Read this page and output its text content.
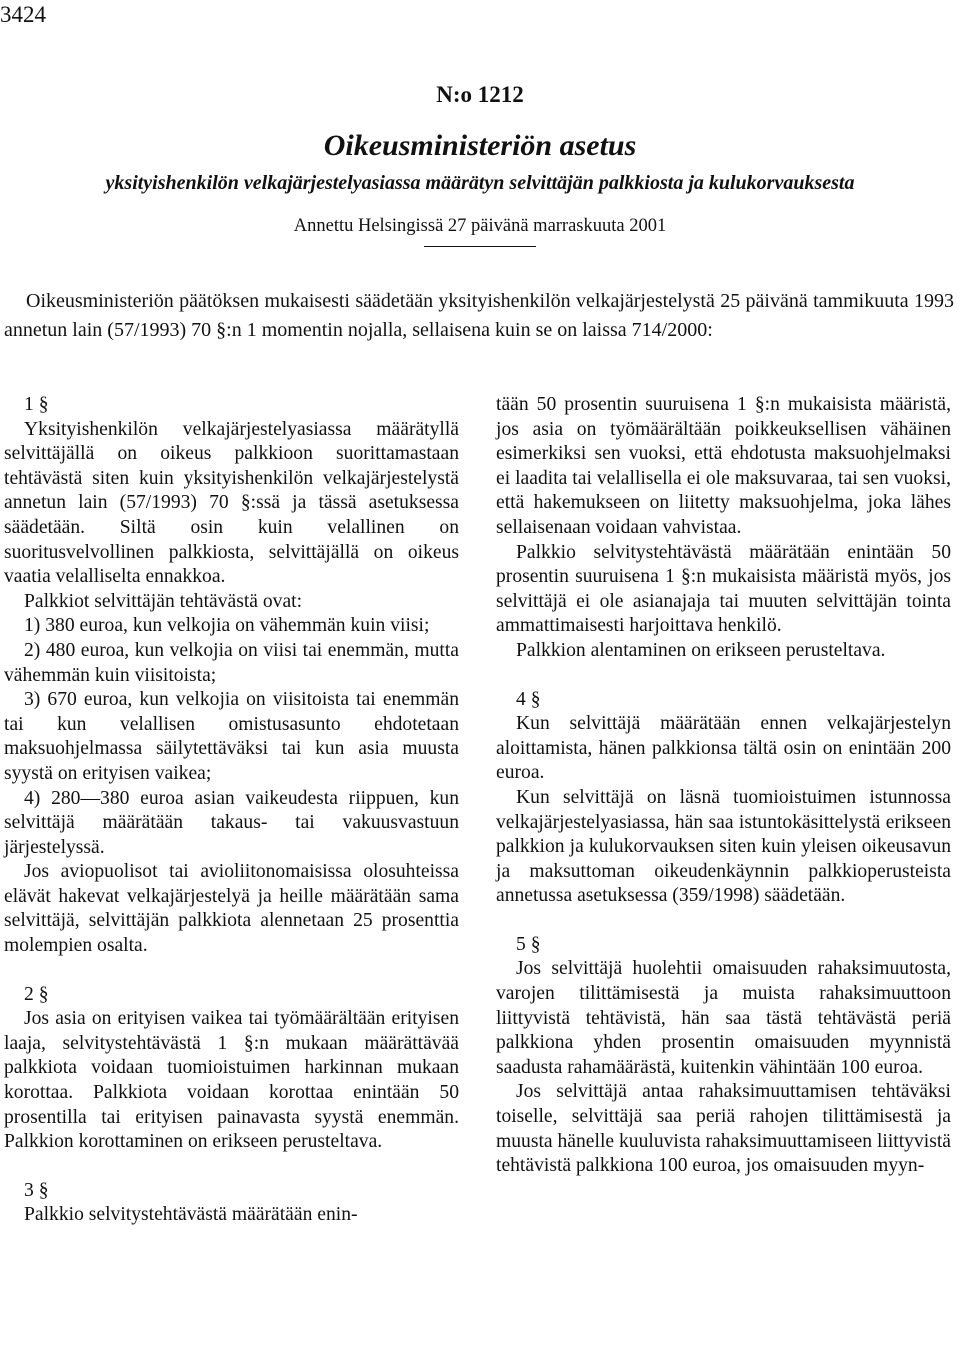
3424
N:o 1212
Oikeusministeriön asetus
yksityishenkilön velkajärjestelyasiassa määrätyn selvittäjän palkkiosta ja kulukorvauksesta
Annettu Helsingissä 27 päivänä marraskuuta 2001

Oikeusministeriön päätöksen mukaisesti säädetään yksityishenkilön velkajärjestelystä 25 päivänä tammikuuta 1993 annetun lain (57/1993) 70 §:n 1 momentin nojalla, sellaisena kuin se on laissa 714/2000:

1 §

Yksityishenkilön velkajärjestelyasiassa määrätyllä selvittäjällä on oikeus palkkioon suorittamastaan tehtävästä siten kuin yksityishenkilön velkajärjestelystä annetun lain (57/1993) 70 §:ssä ja tässä asetuksessa säädetään. Siltä osin kuin velallinen on suoritusvelvollinen palkkiosta, selvittäjällä on oikeus vaatia velalliselta ennakkoa.

Palkkiot selvittäjän tehtävästä ovat:

1) 380 euroa, kun velkojia on vähemmän kuin viisi;

2) 480 euroa, kun velkojia on viisi tai enemmän, mutta vähemmän kuin viisitoista;

3) 670 euroa, kun velkojia on viisitoista tai enemmän tai kun velallisen omistusasunto ehdotetaan maksuohjelmassa säilytettäväksi tai kun asia muusta syystä on erityisen vaikea;

4) 280—380 euroa asian vaikeudesta riippuen, kun selvittäjä määrätään takaus- tai vakuusvastuun järjestelyssä.

Jos aviopuolisot tai avioliitonomaisissa olosuhteissa elävät hakevat velkajärjestelyä ja heille määrätään sama selvittäjä, selvittäjän palkkiota alennetaan 25 prosenttia molempien osalta.

2 §

Jos asia on erityisen vaikea tai työmäärältään erityisen laaja, selvitystehtävästä 1 §:n mukaan määrättävää palkkiota voidaan tuomioistuimen harkinnan mukaan korottaa. Palkkiota voidaan korottaa enintään 50 prosentilla tai erityisen painavasta syystä enemmän. Palkkion korottaminen on erikseen perusteltava.

3 §

Palkkio selvitystehtävästä määrätään enin-

tään 50 prosentin suuruisena 1 §:n mukaisista määristä, jos asia on työmäärältään poikkeuksellisen vähäinen esimerkiksi sen vuoksi, että ehdotusta maksuohjelmaksi ei laadita tai velallisella ei ole maksuvaraa, tai sen vuoksi, että hakemukseen on liitetty maksuohjelma, joka lähes sellaisenaan voidaan vahvistaa.

Palkkio selvitystehtävästä määrätään enintään 50 prosentin suuruisena 1 §:n mukaisista määristä myös, jos selvittäjä ei ole asianajaja tai muuten selvittäjän tointa ammattimaisesti harjoittava henkilö.

Palkkion alentaminen on erikseen perusteltava.

4 §

Kun selvittäjä määrätään ennen velkajärjestelyn aloittamista, hänen palkkionsa tältä osin on enintään 200 euroa.

Kun selvittäjä on läsnä tuomioistuimen istunnossa velkajärjestelyasiassa, hän saa istuntokäsittelystä erikseen palkkion ja kulukorvauksen siten kuin yleisen oikeusavun ja maksuttoman oikeudenkäynnin palkkioperusteista annetussa asetuksessa (359/1998) säädetään.

5 §

Jos selvittäjä huolehtii omaisuuden rahaksimuutosta, varojen tilittämisestä ja muista rahaksimuuttoon liittyvistä tehtävistä, hän saa tästä tehtävästä periä palkkiona yhden prosentin omaisuuden myynnistä saadusta rahamäärästä, kuitenkin vähintään 100 euroa.

Jos selvittäjä antaa rahaksimuuttamisen tehtäväksi toiselle, selvittäjä saa periä rahojen tilittämisestä ja muusta hänelle kuuluvista rahaksimuuttamiseen liittyvistä tehtävistä palkkiona 100 euroa, jos omaisuuden myyn-
